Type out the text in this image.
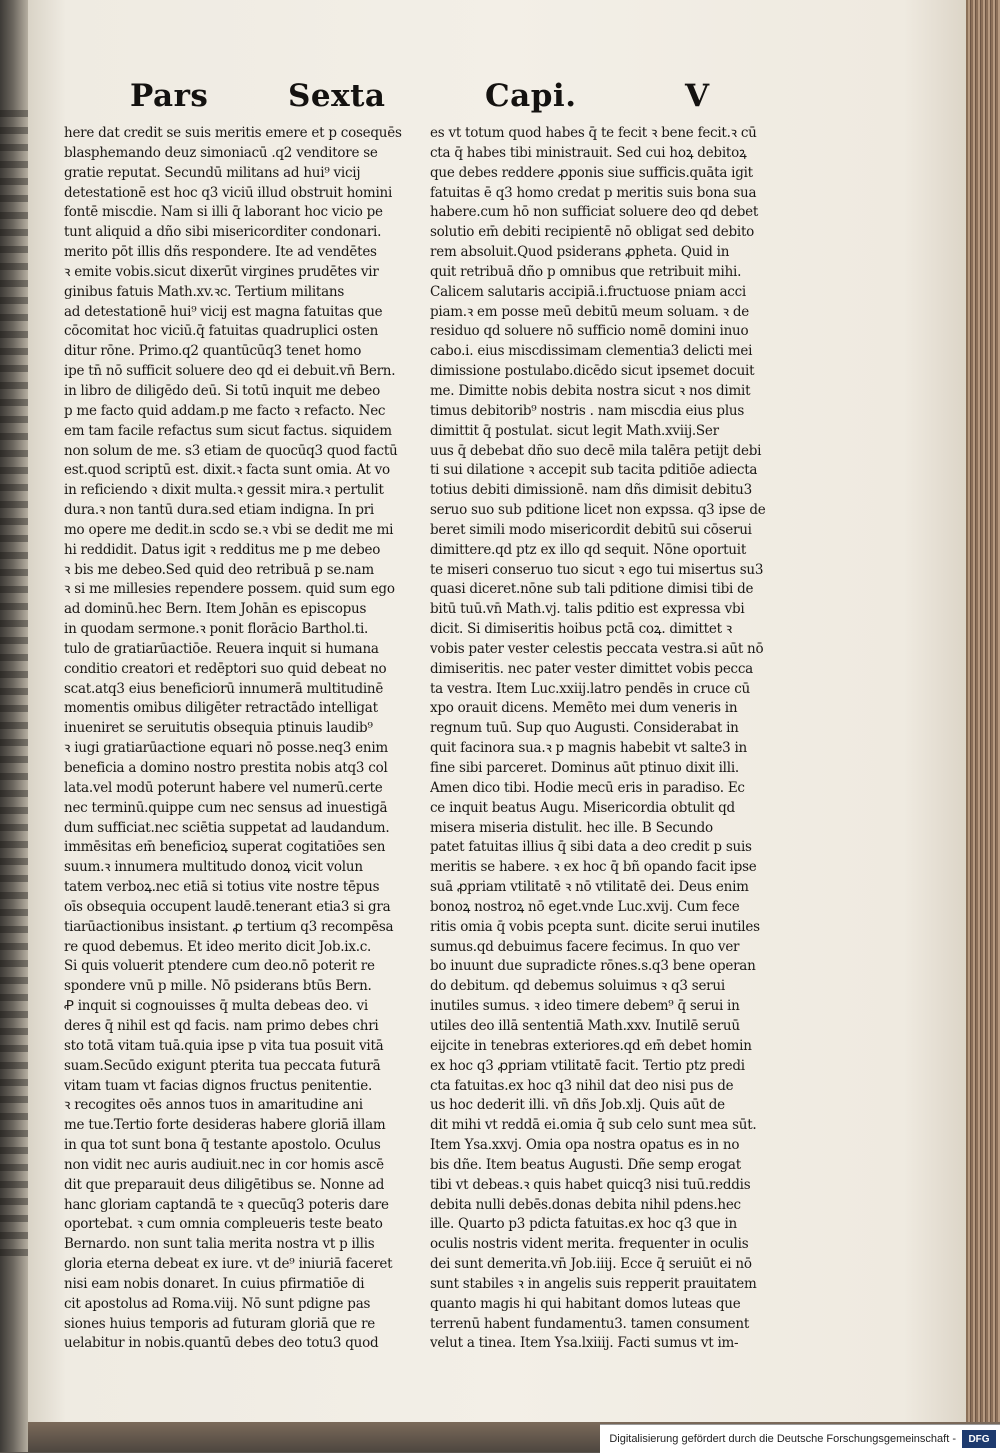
Pars	Sexta	Capi.	V
here dat credit se suis meritis emere et p cosequēs
blasphemando deuz simoniacū .q2 venditore se
gratie reputat. Secundū militans ad hui⁹ vicij
detestationē est hoc q3 viciū illud obstruit homini
fontē miscdie. Nam si illi q̄ laborant hoc vicio pe
tunt aliquid a dño sibi misericorditer condonari.
merito pōt illis dñs respondere. Ite ad vendētes
ꝛ emite vobis.sicut dixerūt virgines prudētes vir
ginibus fatuis Math.xv.ꝛc. Tertium militans
ad detestationē hui⁹ vicij est magna fatuitas que
cōcomitat hoc viciū.q̄ fatuitas quadruplici osten
ditur rōne. Primo.q2 quantūcūq3 tenet homo
ipe tn̄ nō sufficit soluere deo qd ei debuit.vn̄ Bern.
in libro de diligēdo deū. Si totū inquit me debeo
p me facto quid addam.p me facto ꝛ refacto. Nec
em tam facile refactus sum sicut factus. siquidem
non solum de me. s3 etiam de quocūq3 quod factū
est.quod scriptū est. dixit.ꝛ facta sunt omia. At vo
in reficiendo ꝛ dixit multa.ꝛ gessit mira.ꝛ pertulit
dura.ꝛ non tantū dura.sed etiam indigna. In pri
mo opere me dedit.in scdo se.ꝛ vbi se dedit me mi
hi reddidit. Datus igit ꝛ redditus me p me debeo
ꝛ bis me debeo.Sed quid deo retribuā p se.nam
ꝛ si me millesies rependere possem. quid sum ego
ad dominū.hec Bern. Item Johān es episcopus
in quodam sermone.ꝛ ponit florācio Barthol.ti.
tulo de gratiarūactiōe. Reuera inquit si humana
conditio creatori et redēptori suo quid debeat no
scat.atq3 eius beneficiorū innumerā multitudinē
momentis omibus diligēter retractādo intelligat
inueniret se seruitutis obsequia ptinuis laudib⁹
ꝛ iugi gratiarūactione equari nō posse.neq3 enim
beneficia a domino nostro prestita nobis atq3 col
lata.vel modū poterunt habere vel numerū.certe
nec terminū.quippe cum nec sensus ad inuestigā
dum sufficiat.nec sciētia suppetat ad laudandum.
immēsitas em̄ beneficioꝝ superat cogitatiōes sen
suum.ꝛ innumera multitudo donoꝝ vicit volun
tatem verboꝝ.nec etiā si totius vite nostre tēpus
oīs obsequia occupent laudē.tenerant etia3 si gra
tiarūactionibus insistant. ꝓ tertium q3 recompēsa
re quod debemus. Et ideo merito dicit Job.ix.c.
Si quis voluerit ptendere cum deo.nō poterit re
spondere vnū p mille. Nō psiderans btūs Bern.
Ꝓ inquit si cognouisses q̄ multa debeas deo. vi
deres q̄ nihil est qd facis. nam primo debes chri
sto totā vitam tuā.quia ipse p vita tua posuit vitā
suam.Secūdo exigunt pterita tua peccata futurā
vitam tuam vt facias dignos fructus penitentie.
ꝛ recogites oēs annos tuos in amaritudine ani
me tue.Tertio forte desideras habere gloriā illam
in qua tot sunt bona q̄ testante apostolo. Oculus
non vidit nec auris audiuit.nec in cor homis ascē
dit que preparauit deus diligētibus se. Nonne ad
hanc gloriam captandā te ꝛ quecūq3 poteris dare
oportebat. ꝛ cum omnia compleueris teste beato
Bernardo. non sunt talia merita nostra vt p illis
gloria eterna debeat ex iure. vt de⁹ iniuriā faceret
nisi eam nobis donaret. In cuius pfirmatiōe di
cit apostolus ad Roma.viij. Nō sunt pdigne pas
siones huius temporis ad futuram gloriā que re
uelabitur in nobis.quantū debes deo totu3 quod
es vt totum quod habes q̄ te fecit ꝛ bene fecit.ꝛ cū
cta q̄ habes tibi ministrauit. Sed cui hoꝝ debitoꝝ
que debes reddere ꝓponis siue sufficis.quāta igit
fatuitas ē q3 homo credat p meritis suis bona sua
habere.cum hō non sufficiat soluere deo qd debet
solutio em̄ debiti recipientē nō obligat sed debito
rem absoluit.Quod psiderans ꝓpheta. Quid in
quit retribuā dño p omnibus que retribuit mihi.
Calicem salutaris accipiā.i.fructuose pniam acci
piam.ꝛ em posse meū debitū meum soluam. ꝛ de
residuo qd soluere nō sufficio nomē domini inuo
cabo.i. eius miscdissimam clementia3 delicti mei
dimissione postulabo.dicēdo sicut ipsemet docuit
me. Dimitte nobis debita nostra sicut ꝛ nos dimit
timus debitorib⁹ nostris . nam miscdia eius plus
dimittit q̄ postulat. sicut legit Math.xviij.Ser
uus q̄ debebat dño suo decē mila talēra petijt debi
ti sui dilatione ꝛ accepit sub tacita pditiōe adiecta
totius debiti dimissionē. nam dñs dimisit debitu3
seruo suo sub pditione licet non expssa. q3 ipse de
beret simili modo misericordit debitū sui cōserui
dimittere.qd ptz ex illo qd sequit. Nōne oportuit
te miseri conseruo tuo sicut ꝛ ego tui misertus su3
quasi diceret.nōne sub tali pditione dimisi tibi de
bitū tuū.vn̄ Math.vj. talis pditio est expressa vbi
dicit. Si dimiseritis hoibus pctā coꝝ. dimittet ꝛ
vobis pater vester celestis peccata vestra.si aūt nō
dimiseritis. nec pater vester dimittet vobis pecca
ta vestra. Item Luc.xxiij.latro pendēs in cruce cū
xpo orauit dicens. Memēto mei dum veneris in
regnum tuū. Sup quo Augusti. Considerabat in
quit facinora sua.ꝛ p magnis habebit vt salte3 in
fine sibi parceret. Dominus aūt ptinuo dixit illi.
Amen dico tibi. Hodie mecū eris in paradiso. Ec
ce inquit beatus Augu. Misericordia obtulit qd
misera miseria distulit. hec ille. B Secundo
patet fatuitas illius q̄ sibi data a deo credit p suis
meritis se habere. ꝛ ex hoc q̄ bñ opando facit ipse
suā ꝓpriam vtilitatē ꝛ nō vtilitatē dei. Deus enim
bonoꝝ nostroꝝ nō eget.vnde Luc.xvij. Cum fece
ritis omia q̄ vobis pcepta sunt. dicite serui inutiles
sumus.qd debuimus facere fecimus. In quo ver
bo inuunt due supradicte rōnes.s.q3 bene operan
do debitum. qd debemus soluimus ꝛ q3 serui
inutiles sumus. ꝛ ideo timere debem⁹ q̄ serui in
utiles deo illā sententiā Math.xxv. Inutilē seruū
eijcite in tenebras exteriores.qd em̄ debet homin
ex hoc q3 ꝓpriam vtilitatē facit. Tertio ptz predi
cta fatuitas.ex hoc q3 nihil dat deo nisi pus de
us hoc dederit illi. vn̄ dñs Job.xlj. Quis aūt de
dit mihi vt reddā ei.omia q̄ sub celo sunt mea sūt.
Item Ysa.xxvj. Omia opa nostra opatus es in no
bis dñe. Item beatus Augusti. Dñe semp erogat
tibi vt debeas.ꝛ quis habet quicq3 nisi tuū.reddis
debita nulli debēs.donas debita nihil pdens.hec
ille. Quarto p3 pdicta fatuitas.ex hoc q3 que in
oculis nostris vident merita. frequenter in oculis
dei sunt demerita.vn̄ Job.iiij. Ecce q̄ seruiūt ei nō
sunt stabiles ꝛ in angelis suis repperit prauitatem
quanto magis hi qui habitant domos luteas que
terrenū habent fundamentu3. tamen consument
velut a tinea. Item Ysa.lxiiij. Facti sumus vt im-
Digitalisierung gefördert durch die Deutsche Forschungsgemeinschaft -	DFG
